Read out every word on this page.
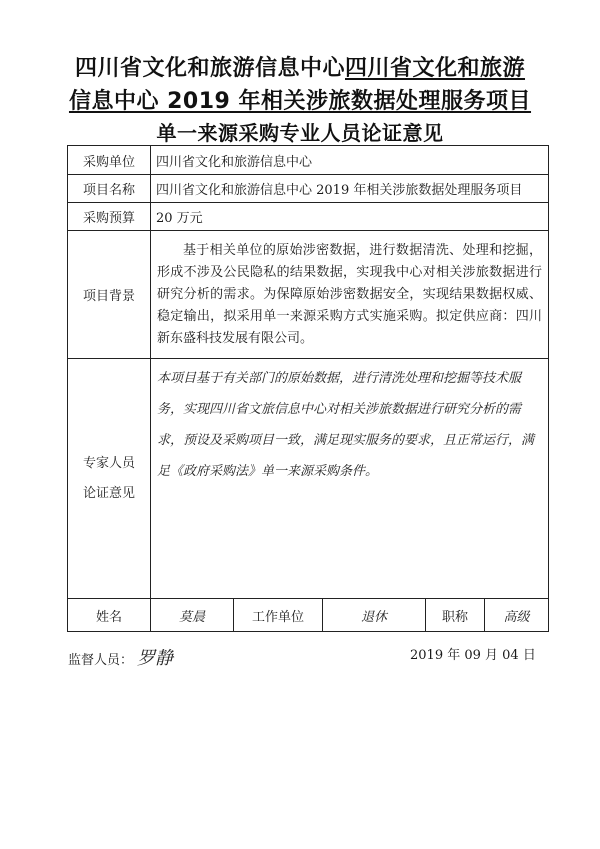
四川省文化和旅游信息中心四川省文化和旅游
信息中心 2019 年相关涉旅数据处理服务项目
单一来源采购专业人员论证意见
采购单位	四川省文化和旅游信息中心				
项目名称	四川省文化和旅游信息中心 2019 年相关涉旅数据处理服务项目				
采购预算	20 万元				
项目背景	基于相关单位的原始涉密数据，进行数据清洗、处理和挖掘，形成不涉及公民隐私的结果数据，实现我中心对相关涉旅数据进行研究分析的需求。为保障原始涉密数据安全，实现结果数据权威、稳定输出，拟采用单一来源采购方式实施采购。拟定供应商：四川新东盛科技发展有限公司。				

专家人员
论证意见	本项目基于有关部门的原始数据，进行清洗处理和挖掘等技术服务，实现四川省文旅信息中心对相关涉旅数据进行研究分析的需求，预设及采购项目一致，满足现实服务的要求，且正常运行，满足《政府采购法》单一来源采购条件。				
姓名	莫晨	工作单位	退休	职称	高级
监督人员： 罗静	2019 年 09 月 04 日
